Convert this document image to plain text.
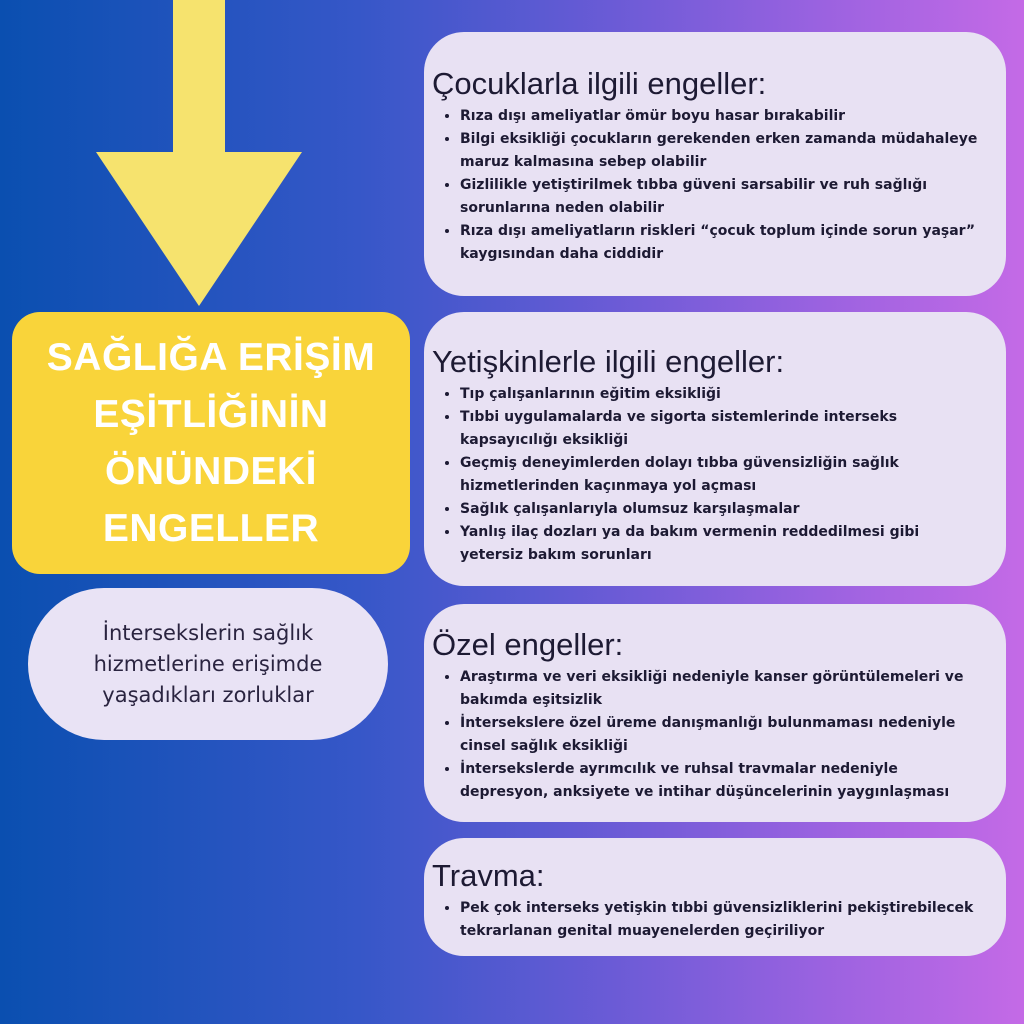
SAĞLIĞA ERİŞİM
EŞİTLİĞİNİN
ÖNÜNDEKİ
ENGELLER
İntersekslerin sağlık hizmetlerine erişimde yaşadıkları zorluklar
Çocuklarla ilgili engeller:
• Rıza dışı ameliyatlar ömür boyu hasar bırakabilir
• Bilgi eksikliği çocukların gerekenden erken zamanda müdahaleye maruz kalmasına sebep olabilir
• Gizlilikle yetiştirilmek tıbba güveni sarsabilir ve ruh sağlığı sorunlarına neden olabilir
• Rıza dışı ameliyatların riskleri “çocuk toplum içinde sorun yaşar” kaygısından daha ciddidir
Yetişkinlerle ilgili engeller:
• Tıp çalışanlarının eğitim eksikliği
• Tıbbi uygulamalarda ve sigorta sistemlerinde interseks kapsayıcılığı eksikliği
• Geçmiş deneyimlerden dolayı tıbba güvensizliğin sağlık hizmetlerinden kaçınmaya yol açması
• Sağlık çalışanlarıyla olumsuz karşılaşmalar
• Yanlış ilaç dozları ya da bakım vermenin reddedilmesi gibi yetersiz bakım sorunları
Özel engeller:
• Araştırma ve veri eksikliği nedeniyle kanser görüntülemeleri ve bakımda eşitsizlik
• İntersekslere özel üreme danışmanlığı bulunmaması nedeniyle cinsel sağlık eksikliği
• İntersekslerde ayrımcılık ve ruhsal travmalar nedeniyle depresyon, anksiyete ve intihar düşüncelerinin yaygınlaşması
Travma:
• Pek çok interseks yetişkin tıbbi güvensizliklerini pekiştirebilecek tekrarlanan genital muayenelerden geçiriliyor
